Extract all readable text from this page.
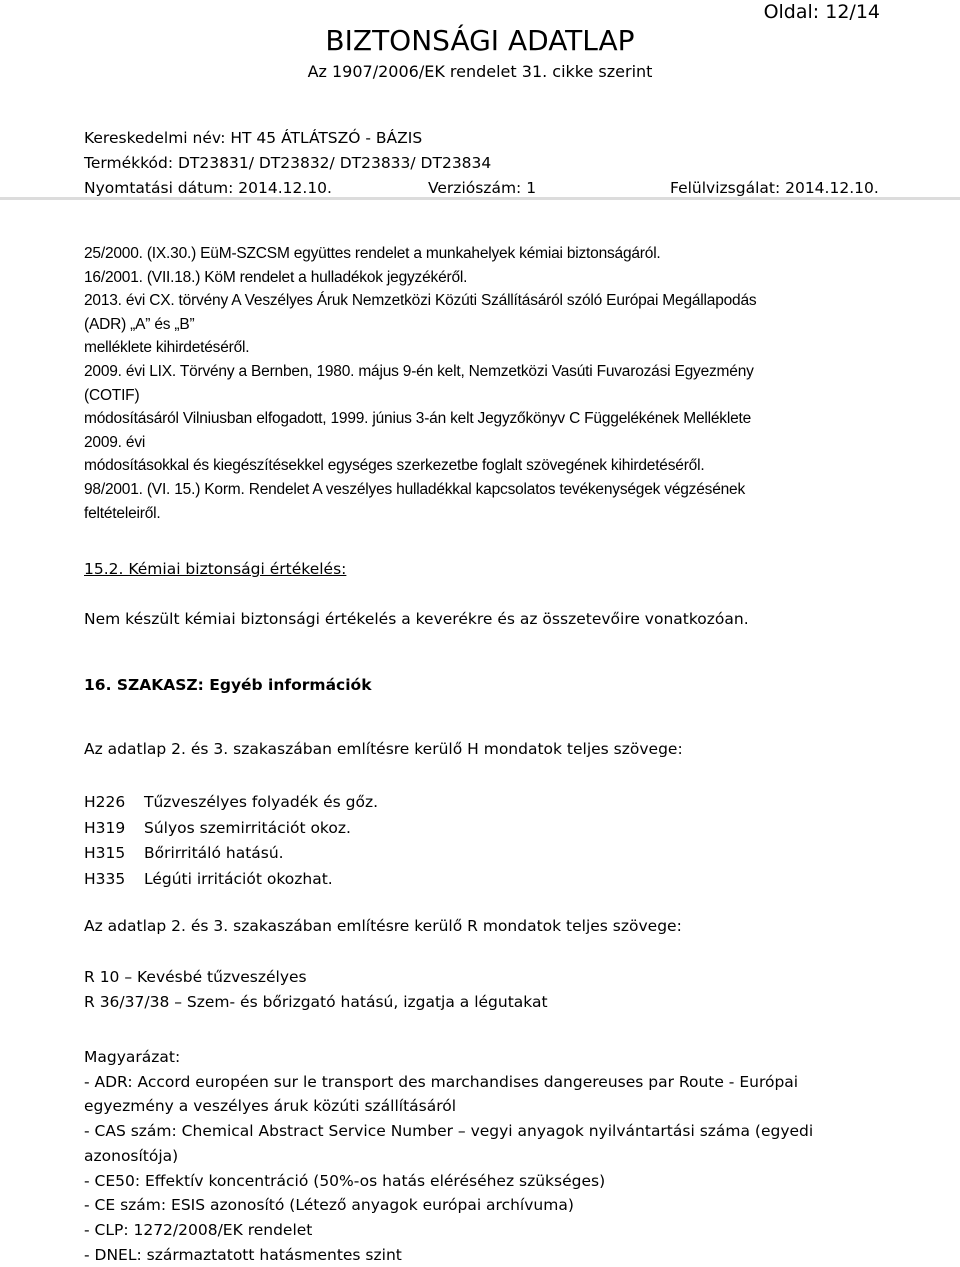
Oldal: 12/14
BIZTONSÁGI ADATLAP
Az 1907/2006/EK rendelet 31. cikke szerint
Kereskedelmi név: HT 45 ÁTLÁTSZÓ - BÁZIS
Termékkód: DT23831/ DT23832/ DT23833/ DT23834
Nyomtatási dátum: 2014.12.10.	Verziószám: 1	Felülvizsgálat: 2014.12.10.
25/2000. (IX.30.) EüM-SZCSM együttes rendelet a munkahelyek kémiai biztonságáról.
16/2001. (VII.18.) KöM rendelet a hulladékok jegyzékéről.
2013. évi CX. törvény A Veszélyes Áruk Nemzetközi Közúti Szállításáról szóló Európai Megállapodás
(ADR) „A” és „B”
melléklete kihirdetéséről.
2009. évi LIX. Törvény a Bernben, 1980. május 9-én kelt, Nemzetközi Vasúti Fuvarozási Egyezmény
(COTIF)
módosításáról Vilniusban elfogadott, 1999. június 3-án kelt Jegyzőkönyv C Függelékének Melléklete
2009. évi
módosításokkal és kiegészítésekkel egységes szerkezetbe foglalt szövegének kihirdetéséről.
98/2001. (VI. 15.) Korm. Rendelet A veszélyes hulladékkal kapcsolatos tevékenységek végzésének
feltételeiről.
15.2. Kémiai biztonsági értékelés:
Nem készült kémiai biztonsági értékelés a keverékre és az összetevőire vonatkozóan.
16. SZAKASZ: Egyéb információk
Az adatlap 2. és 3. szakaszában említésre kerülő H mondatok teljes szövege:
H226 Tűzveszélyes folyadék és gőz.
H319 Súlyos szemirritációt okoz.
H315 Bőrirritáló hatású.
H335 Légúti irritációt okozhat.
Az adatlap 2. és 3. szakaszában említésre kerülő R mondatok teljes szövege:
R 10 – Kevésbé tűzveszélyes
R 36/37/38 – Szem- és bőrizgató hatású, izgatja a légutakat
Magyarázat:
- ADR: Accord européen sur le transport des marchandises dangereuses par Route - Európai
egyezmény a veszélyes áruk közúti szállításáról
- CAS szám: Chemical Abstract Service Number – vegyi anyagok nyilvántartási száma (egyedi
azonosítója)
- CE50: Effektív koncentráció (50%-os hatás eléréséhez szükséges)
- CE szám: ESIS azonosító (Létező anyagok európai archívuma)
- CLP: 1272/2008/EK rendelet
- DNEL: származtatott hatásmentes szint
